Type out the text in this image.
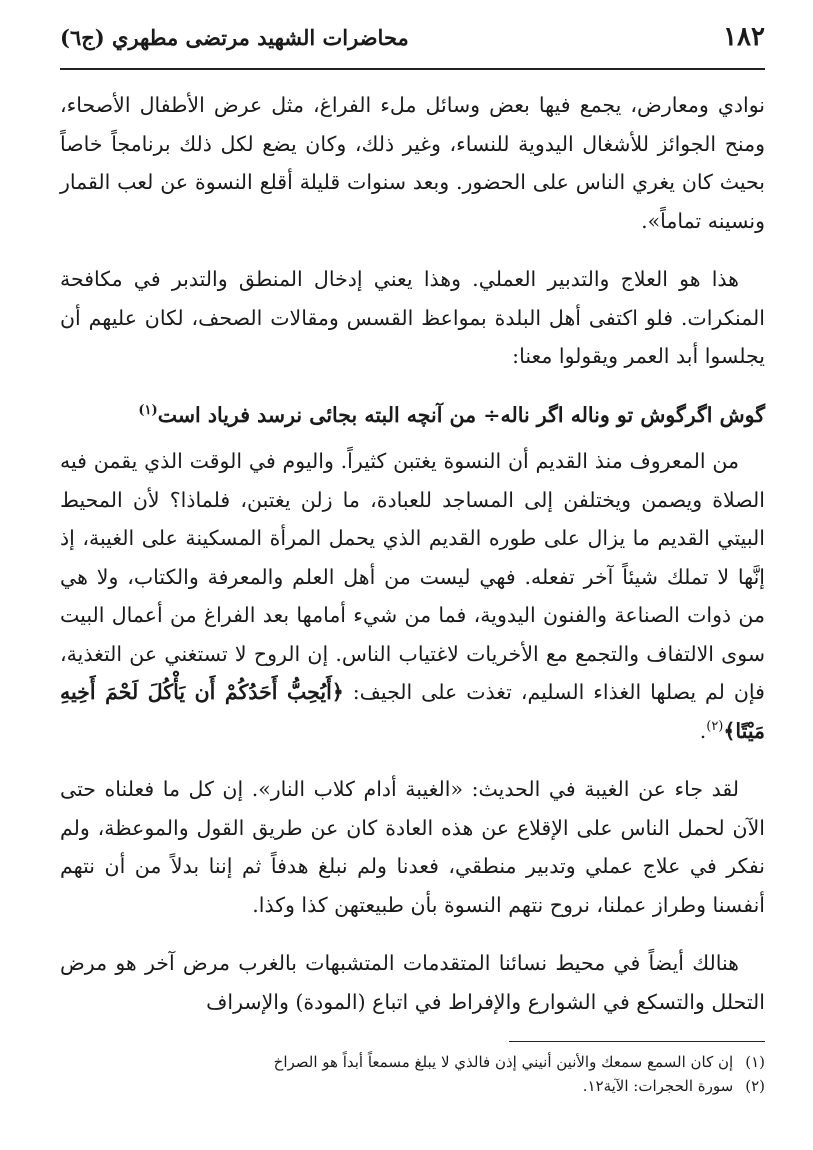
١٨٢
محاضرات الشهيد مرتضى مطهري (ج٦)

نوادي ومعارض، يجمع فيها بعض وسائل ملء الفراغ، مثل عرض الأطفال الأصحاء، ومنح الجوائز للأشغال اليدوية للنساء، وغير ذلك، وكان يضع لكل ذلك برنامجاً خاصاً بحيث كان يغري الناس على الحضور. وبعد سنوات قليلة أقلع النسوة عن لعب القمار ونسينه تماماً».

هذا هو العلاج والتدبير العملي. وهذا يعني إدخال المنطق والتدبر في مكافحة المنكرات. فلو اكتفى أهل البلدة بمواعظ القسس ومقالات الصحف، لكان عليهم أن يجلسوا أبد العمر ويقولوا معنا:

گوش اگرگوش تو وناله اگر ناله÷ من آنچه البته بجائى نرسد فرياد است$^{(١)}$

من المعروف منذ القديم أن النسوة يغتبن كثيراً. واليوم في الوقت الذي يقمن فيه الصلاة ويصمن ويختلفن إلى المساجد للعبادة، ما زلن يغتبن، فلماذا؟ لأن المحيط البيتي القديم ما يزال على طوره القديم الذي يحمل المرأة المسكينة على الغيبة، إذ إنَّها لا تملك شيئاً آخر تفعله. فهي ليست من أهل العلم والمعرفة والكتاب، ولا هي من ذوات الصناعة والفنون اليدوية، فما من شيء أمامها بعد الفراغ من أعمال البيت سوى الالتفاف والتجمع مع الأخريات لاغتياب الناس. إن الروح لا تستغني عن التغذية، فإن لم يصلها الغذاء السليم، تغذت على الجيف: ﴿أَيُحِبُّ أَحَدُكُمْ أَن يَأْكُلَ لَحْمَ أَخِيهِ مَيْتًا﴾$^{(٢)}$.

لقد جاء عن الغيبة في الحديث: «الغيبة أدام كلاب النار». إن كل ما فعلناه حتى الآن لحمل الناس على الإقلاع عن هذه العادة كان عن طريق القول والموعظة، ولم نفكر في علاج عملي وتدبير منطقي، فعدنا ولم نبلغ هدفاً ثم إننا بدلاً من أن نتهم أنفسنا وطراز عملنا، نروح نتهم النسوة بأن طبيعتهن كذا وكذا.

هنالك أيضاً في محيط نسائنا المتقدمات المتشبهات بالغرب مرض آخر هو مرض التحلل والتسكع في الشوارع والإفراط في اتباع (المودة) والإسراف

(١)إن كان السمع سمعك والأنين أنيني إذن فالذي لا يبلغ مسمعاً أبداً هو الصراخ

(٢)سورة الحجرات: الآية١٢.
